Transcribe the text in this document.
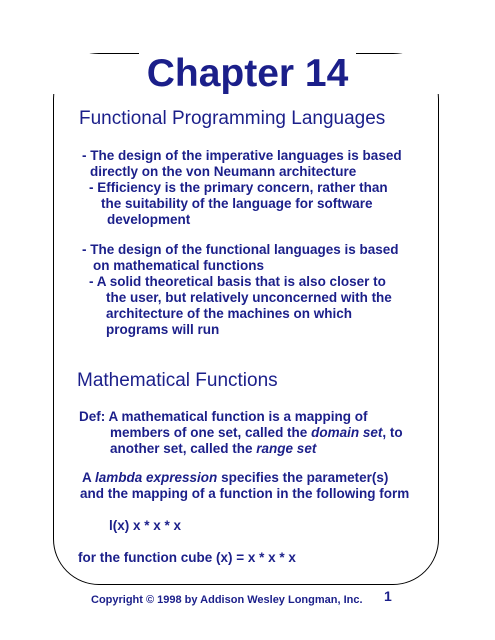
Chapter 14
Functional Programming Languages
- The design of the imperative languages is based
directly on the von Neumann architecture
- Efficiency is the primary concern, rather than
the suitability of the language for software
development
- The design of the functional languages is based
on mathematical functions
- A solid theoretical basis that is also closer to
the user, but relatively unconcerned with the
architecture of the machines on which
programs will run
Mathematical Functions
Def: A mathematical function is a mapping of
members of one set, called the domain set, to
another set, called the range set
A lambda expression specifies the parameter(s)
and the mapping of a function in the following form
l(x) x * x * x
for the function cube (x) = x * x * x
Copyright © 1998 by Addison Wesley Longman, Inc. 1
